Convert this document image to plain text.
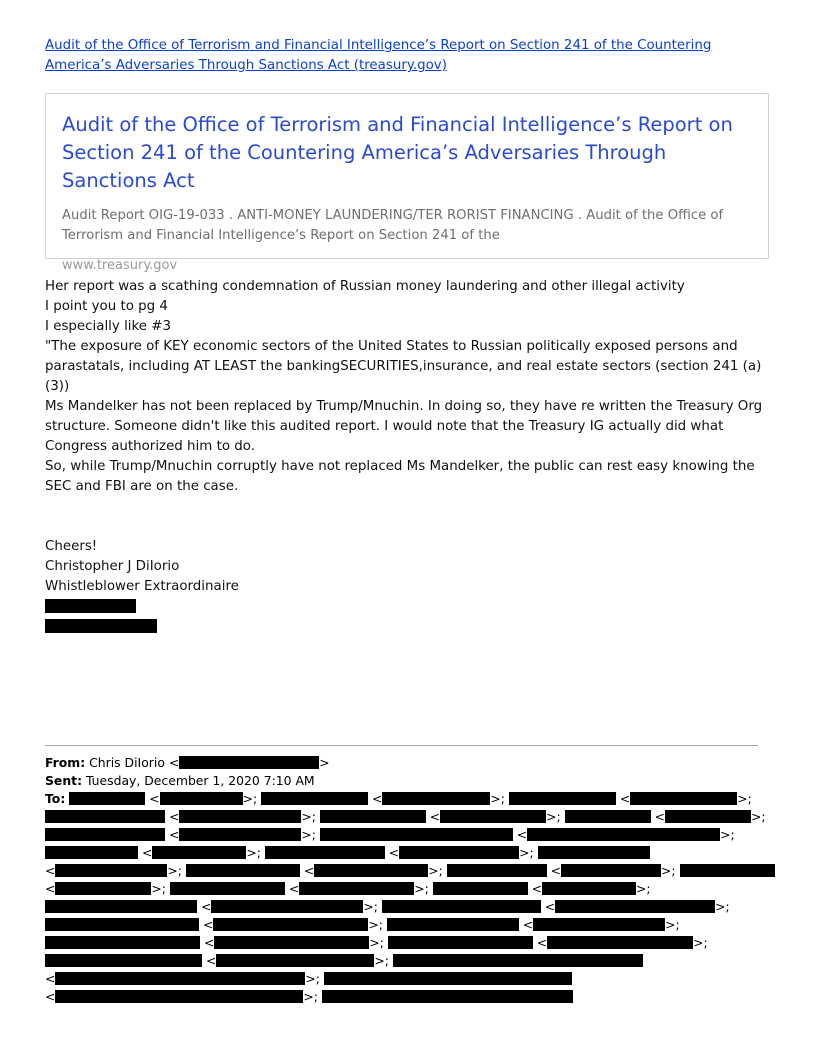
Audit of the Office of Terrorism and Financial Intelligence’s Report on Section 241 of the Countering America’s Adversaries Through Sanctions Act (treasury.gov)
Audit of the Office of Terrorism and Financial Intelligence’s Report on Section 241 of the Countering America’s Adversaries Through Sanctions Act
Audit Report OIG-19-033 . ANTI-MONEY LAUNDERING/TER RORIST FINANCING . Audit of the Office of Terrorism and Financial Intelligence’s Report on Section 241 of the
www.treasury.gov
Her report was a scathing condemnation of Russian money laundering and other illegal activity
I point you to pg 4
I especially like #3
"The exposure of KEY economic sectors of the United States to Russian politically exposed persons and parastatals, including AT LEAST the bankingSECURITIES,insurance, and real estate sectors (section 241 (a)(3))
Ms Mandelker has not been replaced by Trump/Mnuchin. In doing so, they have re written the Treasury Org structure. Someone didn't like this audited report. I would note that the Treasury IG actually did what Congress authorized him to do.
So, while Trump/Mnuchin corruptly have not replaced Ms Mandelker, the public can rest easy knowing the SEC and FBI are on the case.
Cheers!
Christopher J DiIorio
Whistleblower Extraordinaire
From: Chris DiIorio <	>
Sent: Tuesday, December 1, 2020 7:10 AM
To:	<	>;	<	>;	<	>;
<	>;	<	>;	<	>;
<	>;	<	>;
<	>;	<	>;
<	>;	<	>;	<	>;
<	>;	<	>;	<	>;
<	>;	<	>;
<	>;	<	>;
<	>;	<	>;
<	>;
<	>;
<	>;
